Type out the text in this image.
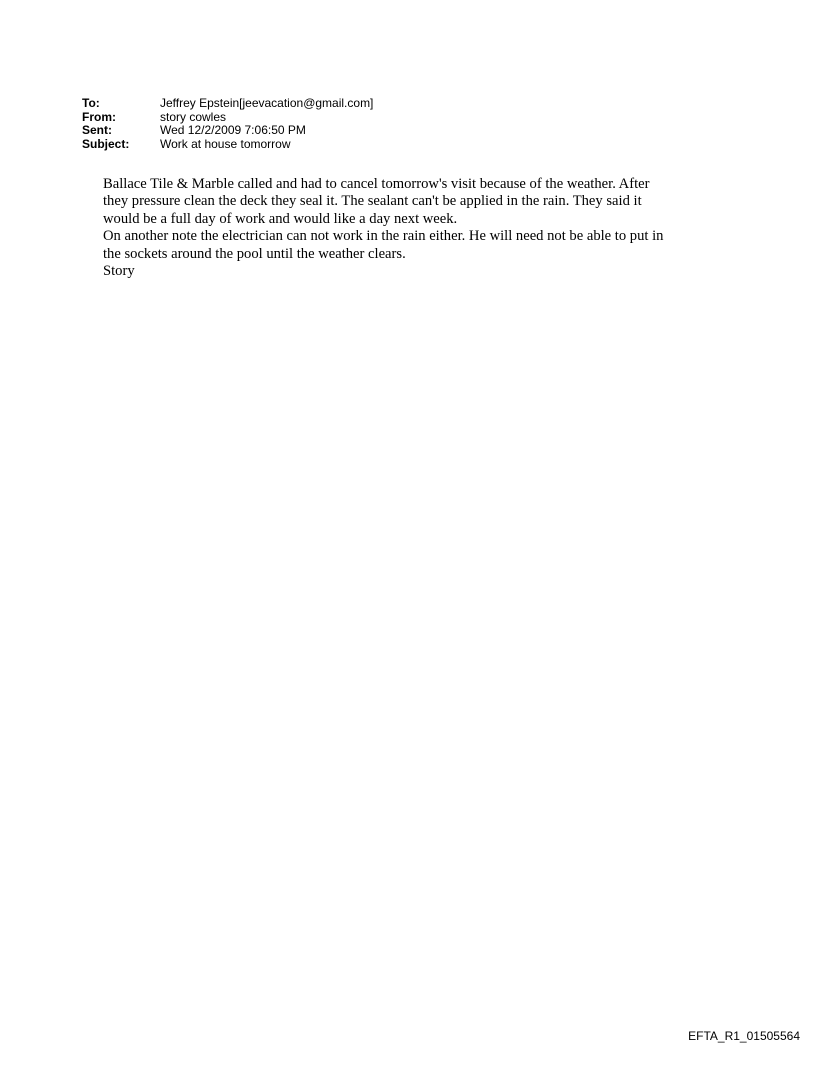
To:	Jeffrey Epstein[jeevacation@gmail.com]
From:	story cowles
Sent:	Wed 12/2/2009 7:06:50 PM
Subject:	Work at house tomorrow
Ballace Tile & Marble called and had to cancel tomorrow's visit because of the weather. After
they pressure clean the deck they seal it. The sealant can't be applied in the rain. They said it
would be a full day of work and would like a day next week.
On another note the electrician can not work in the rain either. He will need not be able to put in
the sockets around the pool until the weather clears.
Story
EFTA_R1_01505564
